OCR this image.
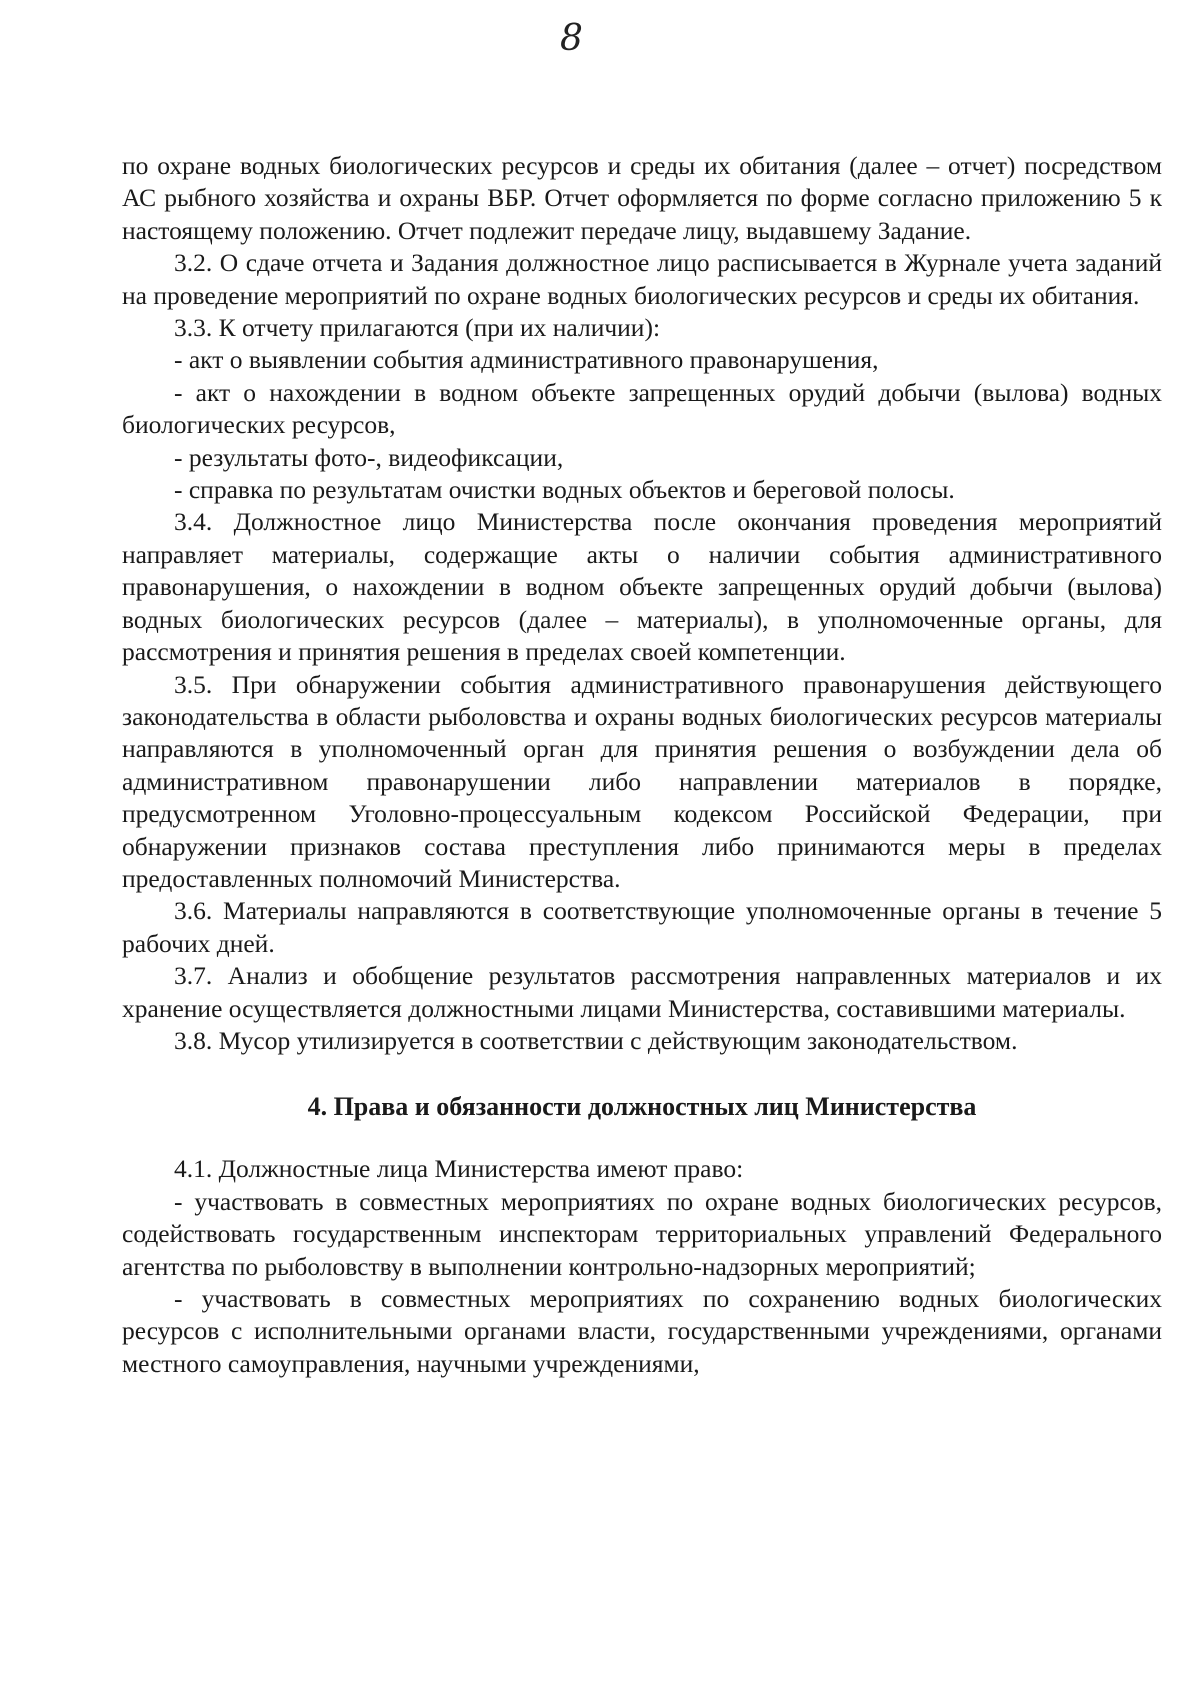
8

по охране водных биологических ресурсов и среды их обитания (далее – отчет) посредством АС рыбного хозяйства и охраны ВБР. Отчет оформляется по форме согласно приложению 5 к настоящему положению. Отчет подлежит передаче лицу, выдавшему Задание.

3.2. О сдаче отчета и Задания должностное лицо расписывается в Журнале учета заданий на проведение мероприятий по охране водных биологических ресурсов и среды их обитания.

3.3. К отчету прилагаются (при их наличии):

- акт о выявлении события административного правонарушения,

- акт о нахождении в водном объекте запрещенных орудий добычи (вылова) водных биологических ресурсов,

- результаты фото-, видеофиксации,

- справка по результатам очистки водных объектов и береговой полосы.

3.4. Должностное лицо Министерства после окончания проведения мероприятий направляет материалы, содержащие акты о наличии события административного правонарушения, о нахождении в водном объекте запрещенных орудий добычи (вылова) водных биологических ресурсов (далее – материалы), в уполномоченные органы, для рассмотрения и принятия решения в пределах своей компетенции.

3.5. При обнаружении события административного правонарушения действующего законодательства в области рыболовства и охраны водных биологических ресурсов материалы направляются в уполномоченный орган для принятия решения о возбуждении дела об административном правонарушении либо направлении материалов в порядке, предусмотренном Уголовно-процессуальным кодексом Российской Федерации, при обнаружении признаков состава преступления либо принимаются меры в пределах предоставленных полномочий Министерства.

3.6. Материалы направляются в соответствующие уполномоченные органы в течение 5 рабочих дней.

3.7. Анализ и обобщение результатов рассмотрения направленных материалов и их хранение осуществляется должностными лицами Министерства, составившими материалы.

3.8. Мусор утилизируется в соответствии с действующим законодательством.

4. Права и обязанности должностных лиц Министерства

4.1. Должностные лица Министерства имеют право:

- участвовать в совместных мероприятиях по охране водных биологических ресурсов, содействовать государственным инспекторам территориальных управлений Федерального агентства по рыболовству в выполнении контрольно-надзорных мероприятий;

- участвовать в совместных мероприятиях по сохранению водных биологических ресурсов с исполнительными органами власти, государственными учреждениями, органами местного самоуправления, научными учреждениями,
